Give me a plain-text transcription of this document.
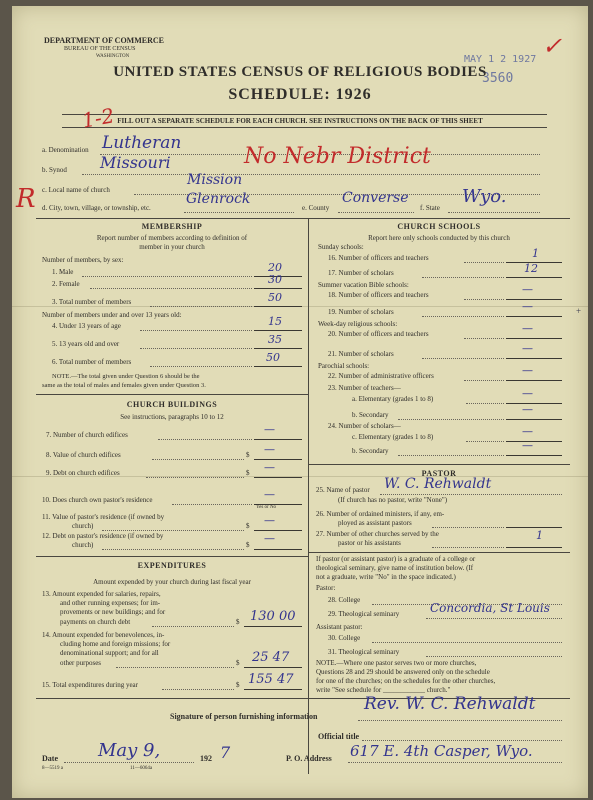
DEPARTMENT OF COMMERCE
BUREAU OF THE CENSUS
WASHINGTON	MAY 1 2 1927
3560
✓
UNITED STATES CENSUS OF RELIGIOUS BODIES
SCHEDULE: 1926
FILL OUT A SEPARATE SCHEDULE FOR EACH CHURCH. SEE INSTRUCTIONS ON THE BACK OF THIS SHEET
1-2
a. Denomination Lutheran
b. Synod Missouri	No Nebr District
c. Local name of church
Mission
R d. City, town, village, or township, etc.
Glenrock
e. County
Converse
f. State
Wyo.
MEMBERSHIP
Report number of members according to definition of
member in your church
Number of members, by sex:
1. Male	20
2. Female	30
3. Total number of members	50
Number of members under and over 13 years old:
4. Under 13 years of age	15
5. 13 years old and over	35
6. Total number of members	50
NOTE.—The total given under Question 6 should be the
same as the total of males and females given under Question 3.
CHURCH BUILDINGS
See instructions, paragraphs 10 to 12
7. Number of church edifices	—
8. Value of church edifices	$ —
9. Debt on church edifices	$ —
10. Does church own pastor's residence	—
Yes or No
11. Value of pastor's residence (if owned by
church)	$ —
12. Debt on pastor's residence (if owned by
church)	$ —
EXPENDITURES
Amount expended by your church during last fiscal year
13. Amount expended for salaries, repairs,
and other running expenses; for im-
provements or new buildings; and for
payments on church debt	$ 130 00
14. Amount expended for benevolences, in-
cluding home and foreign missions; for
denominational support; and for all
other purposes	$ 25 47
15. Total expenditures during year	$ 155 47
CHURCH SCHOOLS
Report here only schools conducted by this church
Sunday schools:
16. Number of officers and teachers	1
17. Number of scholars	12
Summer vacation Bible schools:
18. Number of officers and teachers	—
19. Number of scholars	—
Week-day religious schools:
20. Number of officers and teachers	—
21. Number of scholars	—
Parochial schools:
22. Number of administrative officers	—
23. Number of teachers—
a. Elementary (grades 1 to 8)	—
b. Secondary	—
24. Number of scholars—
c. Elementary (grades 1 to 8)	—
b. Secondary	—
PASTOR
25. Name of pastor W. C. Rehwaldt
(If church has no pastor, write "None")
26. Number of ordained ministers, if any, em-
ployed as assistant pastors
27. Number of other churches served by the
pastor or his assistants
1
If pastor (or assistant pastor) is a graduate of a college or
theological seminary, give name of institution below. (If
not a graduate, write "No" in the space indicated.)
Pastor:
28. College
29. Theological seminary	Concordia, St Louis
Assistant pastor:
30. College
31. Theological seminary
NOTE.—Where one pastor serves two or more churches,
Questions 28 and 29 should be answered only on the schedule
for one of the churches; on the schedules for the other churches,
write "See schedule for ____________ church."
Signature of person furnishing information
Rev. W. C. Rehwaldt
Official title
Date May 9,	192 7	P. O. Address 617 E. 4th Casper, Wyo.
8—5519 a	11—6064a
+
